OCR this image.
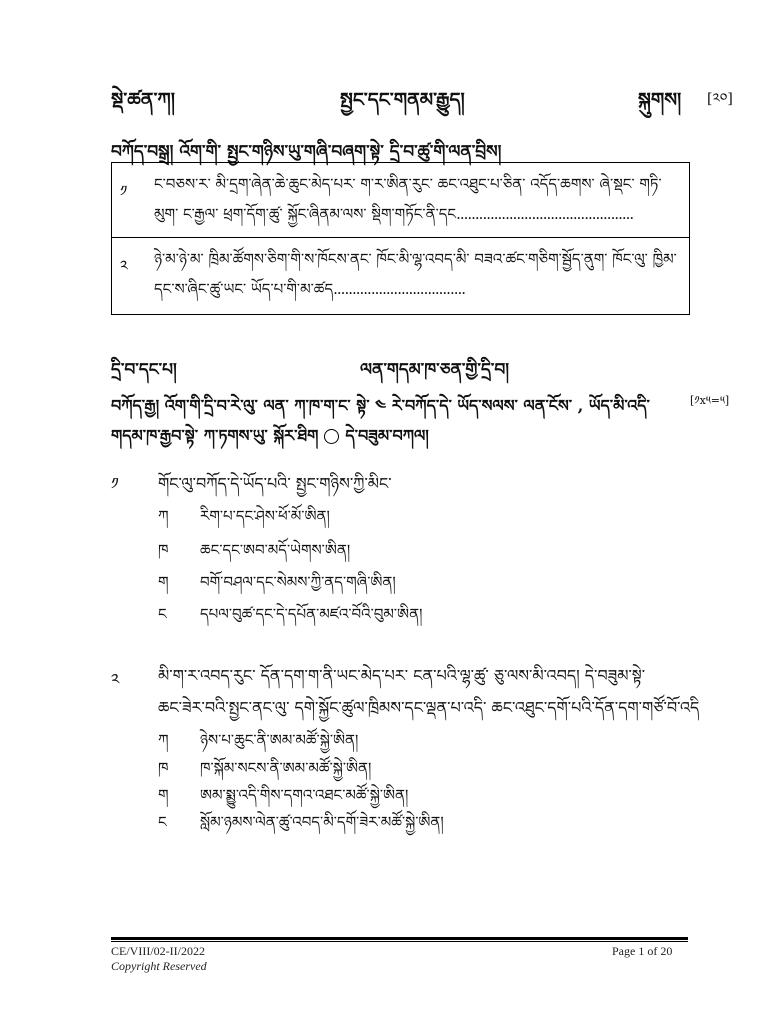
སྡེ་ཚན་ཀ།	སྤྱང་དང་གནམ་རྒྱུད།	སྐུགས། [༢༠]
བཀོད་བསྒྲ། འོག་གི་ སྤྱང་གཉིས་ཡུ་གཞི་བཞག་སྟེ་ དྲི་བ་ཚུ་གི་ལན་བྲིས།
༡	ང་བཅས་ར་ མི་དྲག་ཞེན་ཆེ་ཆུང་མེད་པར་ ག་ར་ཨིན་རུང་ ཆང་འཐུང་པ་ཅིན་ འདོད་ཆགས་ ཞེ་སྡང་ གཏི་
མུག་ ང་རྒྱལ་ ཕྲག་དོག་ཚུ་ སྐྱོང་ཞིནམ་ལས་ སྡིག་གཏོང་ནི་དང...............................................
༢	ཉེ་མ་ཉེ་མ་ ཁྲིམ་ཚོགས་ཅིག་གི་ས་ཁོངས་ནང་ ཁོང་མི་ལྷ་འབད་མི་ བཟའ་ཚང་གཅིག་སྦྱོད་ནུག་ ཁོང་ལུ་ ཁྱིམ་
དང་ས་ཞིང་ཚུ་ཡང་ ཡོད་པ་གི་མ་ཚད...................................
དྲི་བ་དང་པ།	ལན་གདམ་ཁ་ཅན་གྱི་དྲི་བ།
བཀོད་རྒྱ། འོག་གི་དྲི་བ་རེ་ལུ་ ལན་ ཀ་ཁ་ག་ང་ སྟེ་ ༤ རེ་བཀོད་དེ་ ཡོད་སལས་ ལན་ངོས་ , ཡོད་མི་འདི་	[༡x༥=༥]
གདམ་ཁ་རྒྱབ་སྟེ་ ཀ་ཏགས་ཡུ་ སྐོར་ཐིག དེ་བཟུམ་བཀལ།
༡ གོང་ལུ་བཀོད་དེ་ཡོད་པའི་ སྤྱང་གཉིས་ཀྱི་མིང་
ཀ རིག་པ་དང་ཤེས་ཕོ་མོ་ཨིན།
ཁ ཆང་དང་ཨབ་མདོ་ཡེགས་ཨིན།
ག བགོ་བཤལ་དང་སེམས་ཀྱི་ནད་གཞི་ཨིན།
ང དཔལ་བུཚ་དང་དེ་དཔོན་མཛའ་བོའི་བུམ་ཨིན།
༢ མི་ག་ར་འབད་རུང་ དོན་དག་ག་ནི་ཡང་མེད་པར་ ངན་པའི་ལྷ་ཚུ་ ཅུ་ལས་མི་འབད། དེ་བཟུམ་སྟེ་
ཆང་ཟེར་བའི་སྤྱང་ནང་ལུ་ དགེ་སྐྱོང་ཚུལ་ཁྲིམས་དང་ལྡན་པ་འདི་ ཆང་འཐུང་དགོ་པའི་དོན་དག་གཙོ་བོ་འདི
ཀ ཉེས་པ་ཆུང་ནི་ཨམ་མཚོ་སྐྱེ་ཨིན།
ཁ ཁ་སྐོམ་སངས་ནི་ཨམ་མཚོ་སྐྱེ་ཨིན།
ག ཨམ་སྨྱུ་འདི་གིས་དགའ་འཐང་མཚོ་སྐྱེ་ཨིན།
ང སློམ་ཉམས་ལེན་ཚུ་འབད་མི་དགོ་ཟེར་མཚོ་སྐྱེ་ཨིན།
CE/VIII/02-II/2022
Copyright Reserved
Page 1 of 20
